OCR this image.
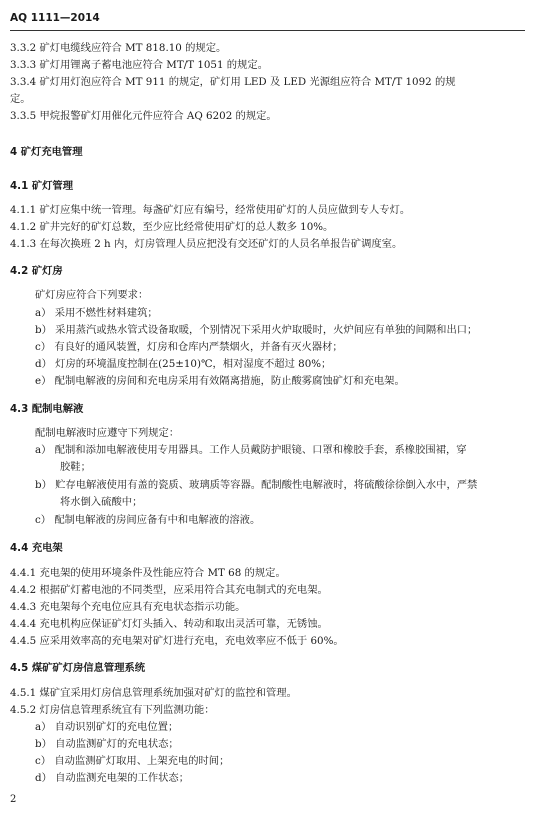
AQ 1111—2014
3.3.2 矿灯电缆线应符合 MT 818.10 的规定。
3.3.3 矿灯用锂离子蓄电池应符合 MT/T 1051 的规定。
3.3.4 矿灯用灯泡应符合 MT 911 的规定，矿灯用 LED 及 LED 光源组应符合 MT/T 1092 的规
定。
3.3.5 甲烷报警矿灯用催化元件应符合 AQ 6202 的规定。
4 矿灯充电管理
4.1 矿灯管理
4.1.1 矿灯应集中统一管理。每盏矿灯应有编号，经常使用矿灯的人员应做到专人专灯。
4.1.2 矿井完好的矿灯总数，至少应比经常使用矿灯的总人数多 10%。
4.1.3 在每次换班 2 h 内，灯房管理人员应把没有交还矿灯的人员名单报告矿调度室。
4.2 矿灯房
矿灯房应符合下列要求：
a） 采用不燃性材料建筑；
b） 采用蒸汽或热水管式设备取暖，个别情况下采用火炉取暖时，火炉间应有单独的间隔和出口；
c） 有良好的通风装置，灯房和仓库内严禁烟火，并备有灭火器材；
d） 灯房的环境温度控制在(25±10)℃，相对湿度不超过 80%；
e） 配制电解液的房间和充电房采用有效隔离措施，防止酸雾腐蚀矿灯和充电架。
4.3 配制电解液
配制电解液时应遵守下列规定：
a） 配制和添加电解液使用专用器具。工作人员戴防护眼镜、口罩和橡胶手套，系橡胶围裙，穿
胶鞋；
b） 贮存电解液使用有盖的瓷质、玻璃质等容器。配制酸性电解液时，将硫酸徐徐倒入水中，严禁
将水倒入硫酸中；
c） 配制电解液的房间应备有中和电解液的溶液。
4.4 充电架
4.4.1 充电架的使用环境条件及性能应符合 MT 68 的规定。
4.4.2 根据矿灯蓄电池的不同类型，应采用符合其充电制式的充电架。
4.4.3 充电架每个充电位应具有充电状态指示功能。
4.4.4 充电机构应保证矿灯灯头插入、转动和取出灵活可靠，无锈蚀。
4.4.5 应采用效率高的充电架对矿灯进行充电，充电效率应不低于 60%。
4.5 煤矿矿灯房信息管理系统
4.5.1 煤矿宜采用灯房信息管理系统加强对矿灯的监控和管理。
4.5.2 灯房信息管理系统宜有下列监测功能：
a） 自动识别矿灯的充电位置；
b） 自动监测矿灯的充电状态；
c） 自动监测矿灯取用、上架充电的时间；
d） 自动监测充电架的工作状态；
2
